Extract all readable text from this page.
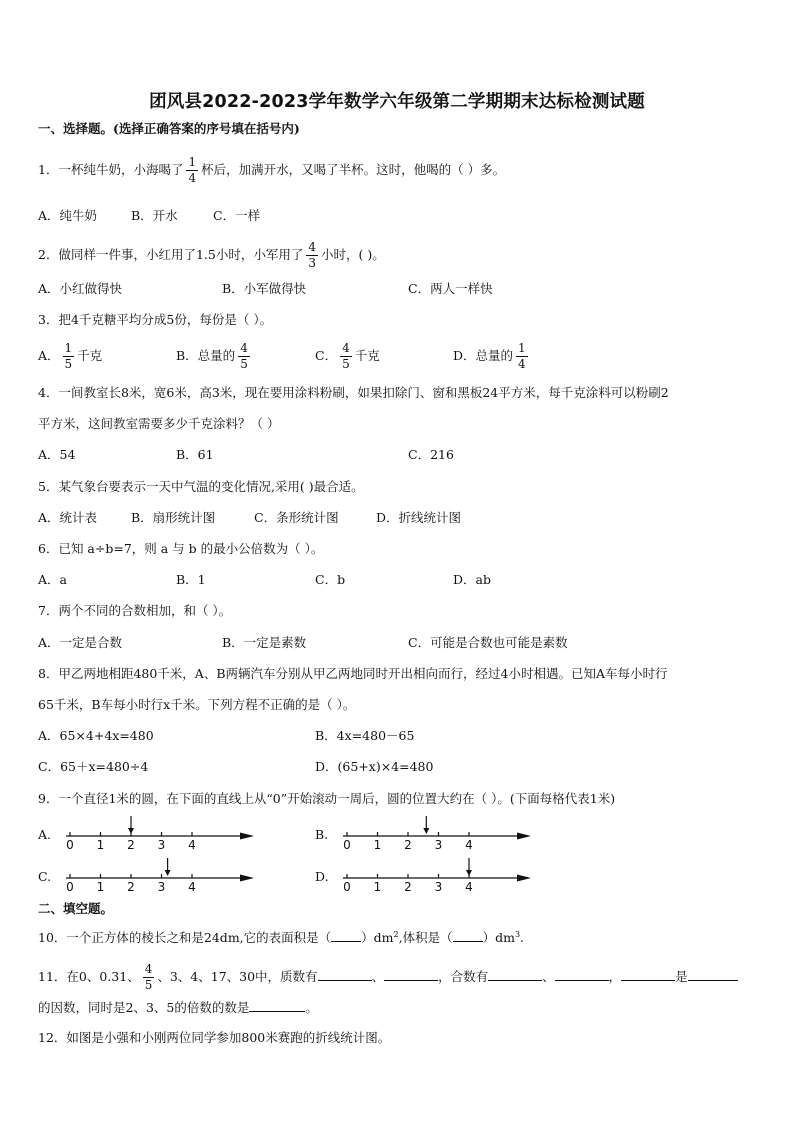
团风县2022-2023学年数学六年级第二学期期末达标检测试题
一、选择题。(选择正确答案的序号填在括号内)
1．一杯纯牛奶，小海喝了 $\frac{1}{4}$ 杯后，加满开水，又喝了半杯。这时，他喝的（ ）多。
A．纯牛奶	B．开水	C．一样
2．做同样一件事，小红用了1.5小时，小军用了 $\frac{4}{3}$ 小时，( )。
A．小红做得快	B．小军做得快	C．两人一样快
3．把4千克糖平均分成5份，每份是（ ）。
A． $\frac{1}{5}$ 千克	B．总量的 $\frac{4}{5}$	C． $\frac{4}{5}$ 千克	D．总量的 $\frac{1}{4}$
4．一间教室长8米，宽6米，高3米，现在要用涂料粉刷，如果扣除门、窗和黑板24平方米，每千克涂料可以粉刷2
平方米，这间教室需要多少千克涂料？（ ）
A．54	B．61	C．216
5．某气象台要表示一天中气温的变化情况,采用( )最合适。
A．统计表	B．扇形统计图	C．条形统计图	D．折线统计图
6．已知 a÷b=7，则 a 与 b 的最小公倍数为（ ）。
A．a	B．1	C．b	D．ab
7．两个不同的合数相加，和（ ）。
A．一定是合数	B．一定是素数	C．可能是合数也可能是素数
8．甲乙两地相距480千米，A、B两辆汽车分别从甲乙两地同时开出相向而行，经过4小时相遇。已知A车每小时行
65千米，B车每小时行x千米。下列方程不正确的是（ ）。
A．65×4+4x=480	B．4x=480－65
C．65＋x=480÷4	D．(65+x)×4=480
9．一个直径1米的圆，在下面的直线上从“0”开始滚动一周后，圆的位置大约在（ ）。(下面每格代表1米)
A.	B.
C.	D.
0 1 2 3 4	0 1 2 3 4
0 1 2 3 4	0 1 2 3 4
二、填空题。
10．一个正方体的棱长之和是24dm,它的表面积是（ ）$dm^2$,体积是（ ）$dm^3$.
11．在0、0.31、 $\frac{4}{5}$ 、3、4、17、30中，质数有	、	，合数有	、	，	是
的因数，同时是2、3、5的倍数的数是	。
12．如图是小强和小刚两位同学参加800米赛跑的折线统计图。
